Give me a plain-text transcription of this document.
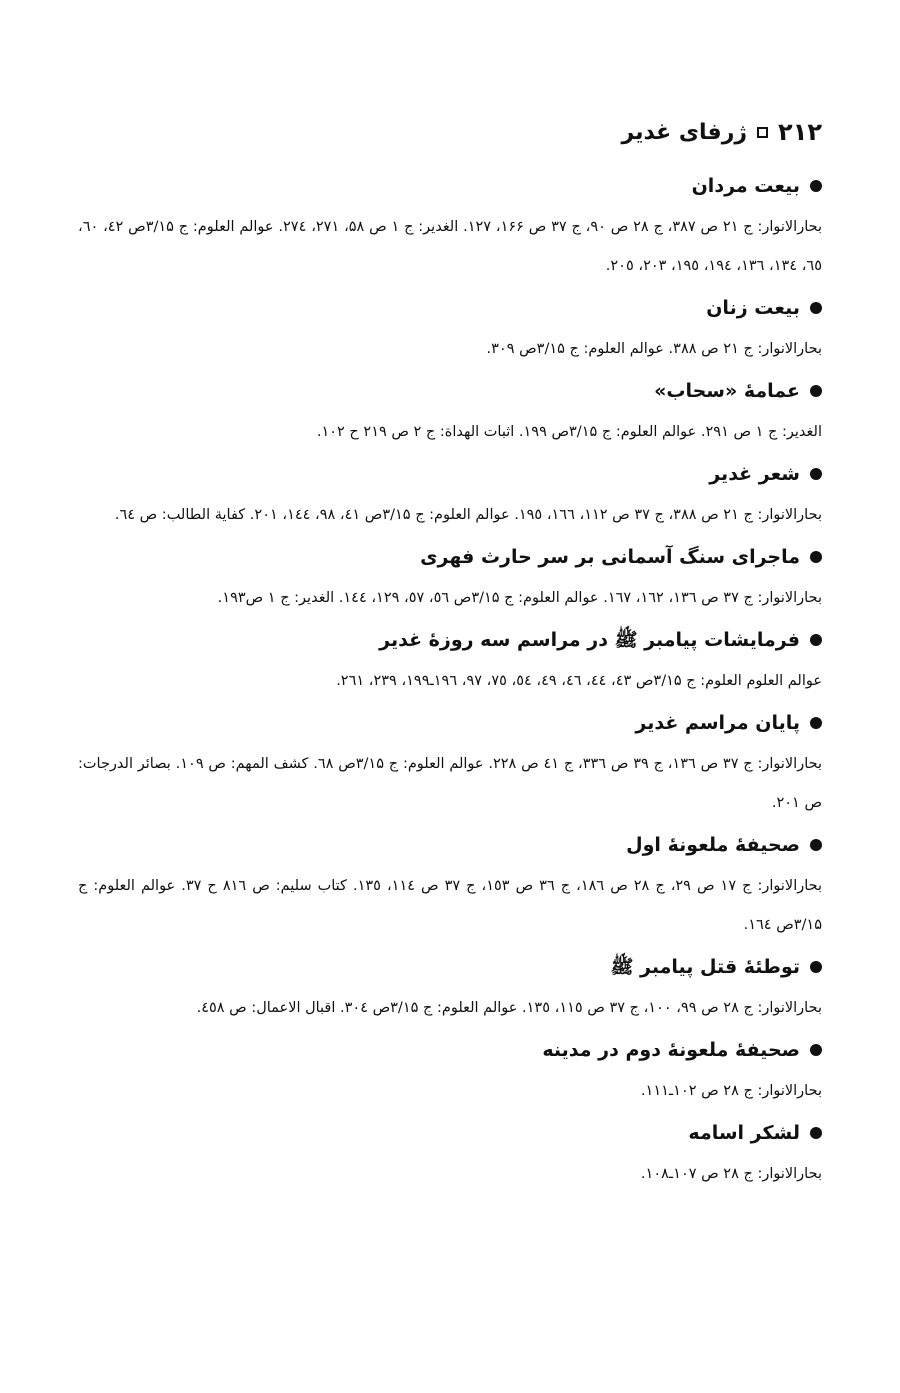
۲۱۲
ژرفای غدیر
بیعت مردان
بحارالانوار: ج ۲۱ ص ۳۸۷، ج ۲۸ ص ۹۰، ج ۳۷ ص ۱۶۶، ۱۲۷. الغدیر: ج ۱ ص ۵۸، ۲۷۱، ۲۷٤. عوالم العلوم: ج ۳/۱۵ص ٤۲، ٦۰، ٦٥، ۱۳٤، ۱۳٦، ۱۹٤، ۱۹٥، ۲۰۳، ۲۰٥.
بیعت زنان
بحارالانوار: ج ۲۱ ص ۳۸۸. عوالم العلوم: ج ۳/۱۵ص ۳۰۹.
عمامهٔ «سحاب»
الغدیر: ج ۱ ص ۲۹۱. عوالم العلوم: ج ۳/۱۵ص ۱۹۹. اثبات الهداة: ج ۲ ص ۲۱۹ ح ۱۰۲.
شعر غدیر
بحارالانوار: ج ۲۱ ص ۳۸۸، ج ۳۷ ص ۱۱۲، ۱٦٦، ۱۹٥. عوالم العلوم: ج ۳/۱۵ص ٤۱، ۹۸، ۱٤٤، ۲۰۱. کفایة الطالب: ص ٦٤.
ماجرای سنگ آسمانی بر سر حارث فهری
بحارالانوار: ج ۳۷ ص ۱۳٦، ۱٦۲، ۱٦۷. عوالم العلوم: ج ۳/۱۵ص ٥٦، ٥۷، ۱۲۹، ۱٤٤. الغدیر: ج ۱ ص۱۹۳.
فرمایشات پیامبر ﷺ در مراسم سه روزهٔ غدیر
عوالم العلوم العلوم: ج ۳/۱۵ص ٤۳، ٤٤، ٤٦، ٤۹، ٥٤، ۷٥، ۹۷، ۱۹٦ـ۱۹۹، ۲۳۹، ۲٦۱.
پایان مراسم غدیر
بحارالانوار: ج ۳۷ ص ۱۳٦، ج ۳۹ ص ۳۳٦، ج ٤۱ ص ۲۲۸. عوالم العلوم: ج ۳/۱۵ص ٦۸. کشف المهم: ص ۱۰۹. بصائر الدرجات: ص ۲۰۱.
صحیفهٔ ملعونهٔ اول
بحارالانوار: ج ۱۷ ص ۲۹، ج ۲۸ ص ۱۸٦، ج ۳٦ ص ۱٥۳، ج ۳۷ ص ۱۱٤، ۱۳٥. کتاب سلیم: ص ۸۱٦ ح ۳۷. عوالم العلوم: ج ۳/۱۵ص ۱٦٤.
توطئهٔ قتل پیامبر ﷺ
بحارالانوار: ج ۲۸ ص ۹۹، ۱۰۰، ج ۳۷ ص ۱۱٥، ۱۳٥. عوالم العلوم: ج ۳/۱۵ص ۳۰٤. اقبال الاعمال: ص ٤٥۸.
صحیفهٔ ملعونهٔ دوم در مدینه
بحارالانوار: ج ۲۸ ص ۱۰۲ـ۱۱۱.
لشکر اسامه
بحارالانوار: ج ۲۸ ص ۱۰۷ـ۱۰۸.
